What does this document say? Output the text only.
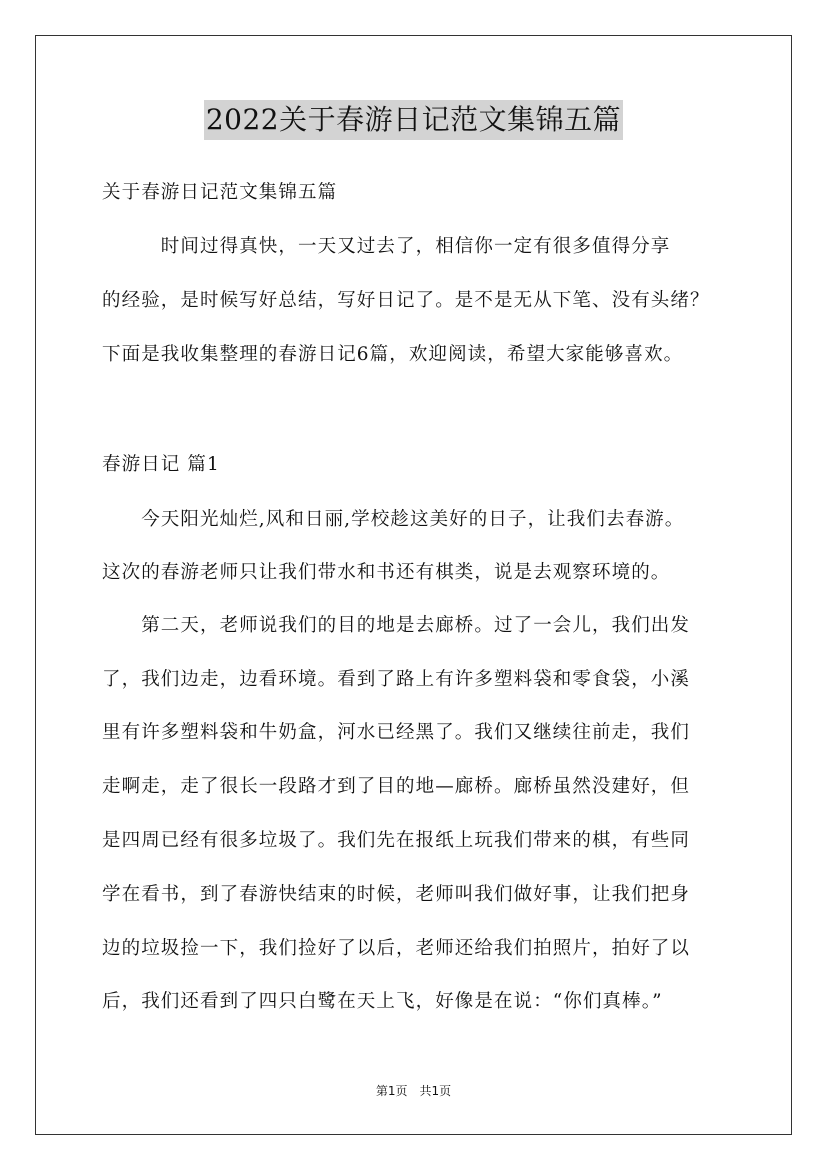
2022关于春游日记范文集锦五篇
关于春游日记范文集锦五篇
　　　时间过得真快，一天又过去了，相信你一定有很多值得分享
的经验，是时候写好总结，写好日记了。是不是无从下笔、没有头绪？
下面是我收集整理的春游日记6篇，欢迎阅读，希望大家能够喜欢。
春游日记 篇1
　　今天阳光灿烂,风和日丽,学校趁这美好的日子，让我们去春游。
这次的春游老师只让我们带水和书还有棋类，说是去观察环境的。
　　第二天，老师说我们的目的地是去廊桥。过了一会儿，我们出发
了，我们边走，边看环境。看到了路上有许多塑料袋和零食袋，小溪
里有许多塑料袋和牛奶盒，河水已经黑了。我们又继续往前走，我们
走啊走，走了很长一段路才到了目的地—廊桥。廊桥虽然没建好，但
是四周已经有很多垃圾了。我们先在报纸上玩我们带来的棋，有些同
学在看书，到了春游快结束的时候，老师叫我们做好事，让我们把身
边的垃圾捡一下，我们捡好了以后，老师还给我们拍照片，拍好了以
后，我们还看到了四只白鹭在天上飞，好像是在说：“你们真棒。”
第1页　共1页
